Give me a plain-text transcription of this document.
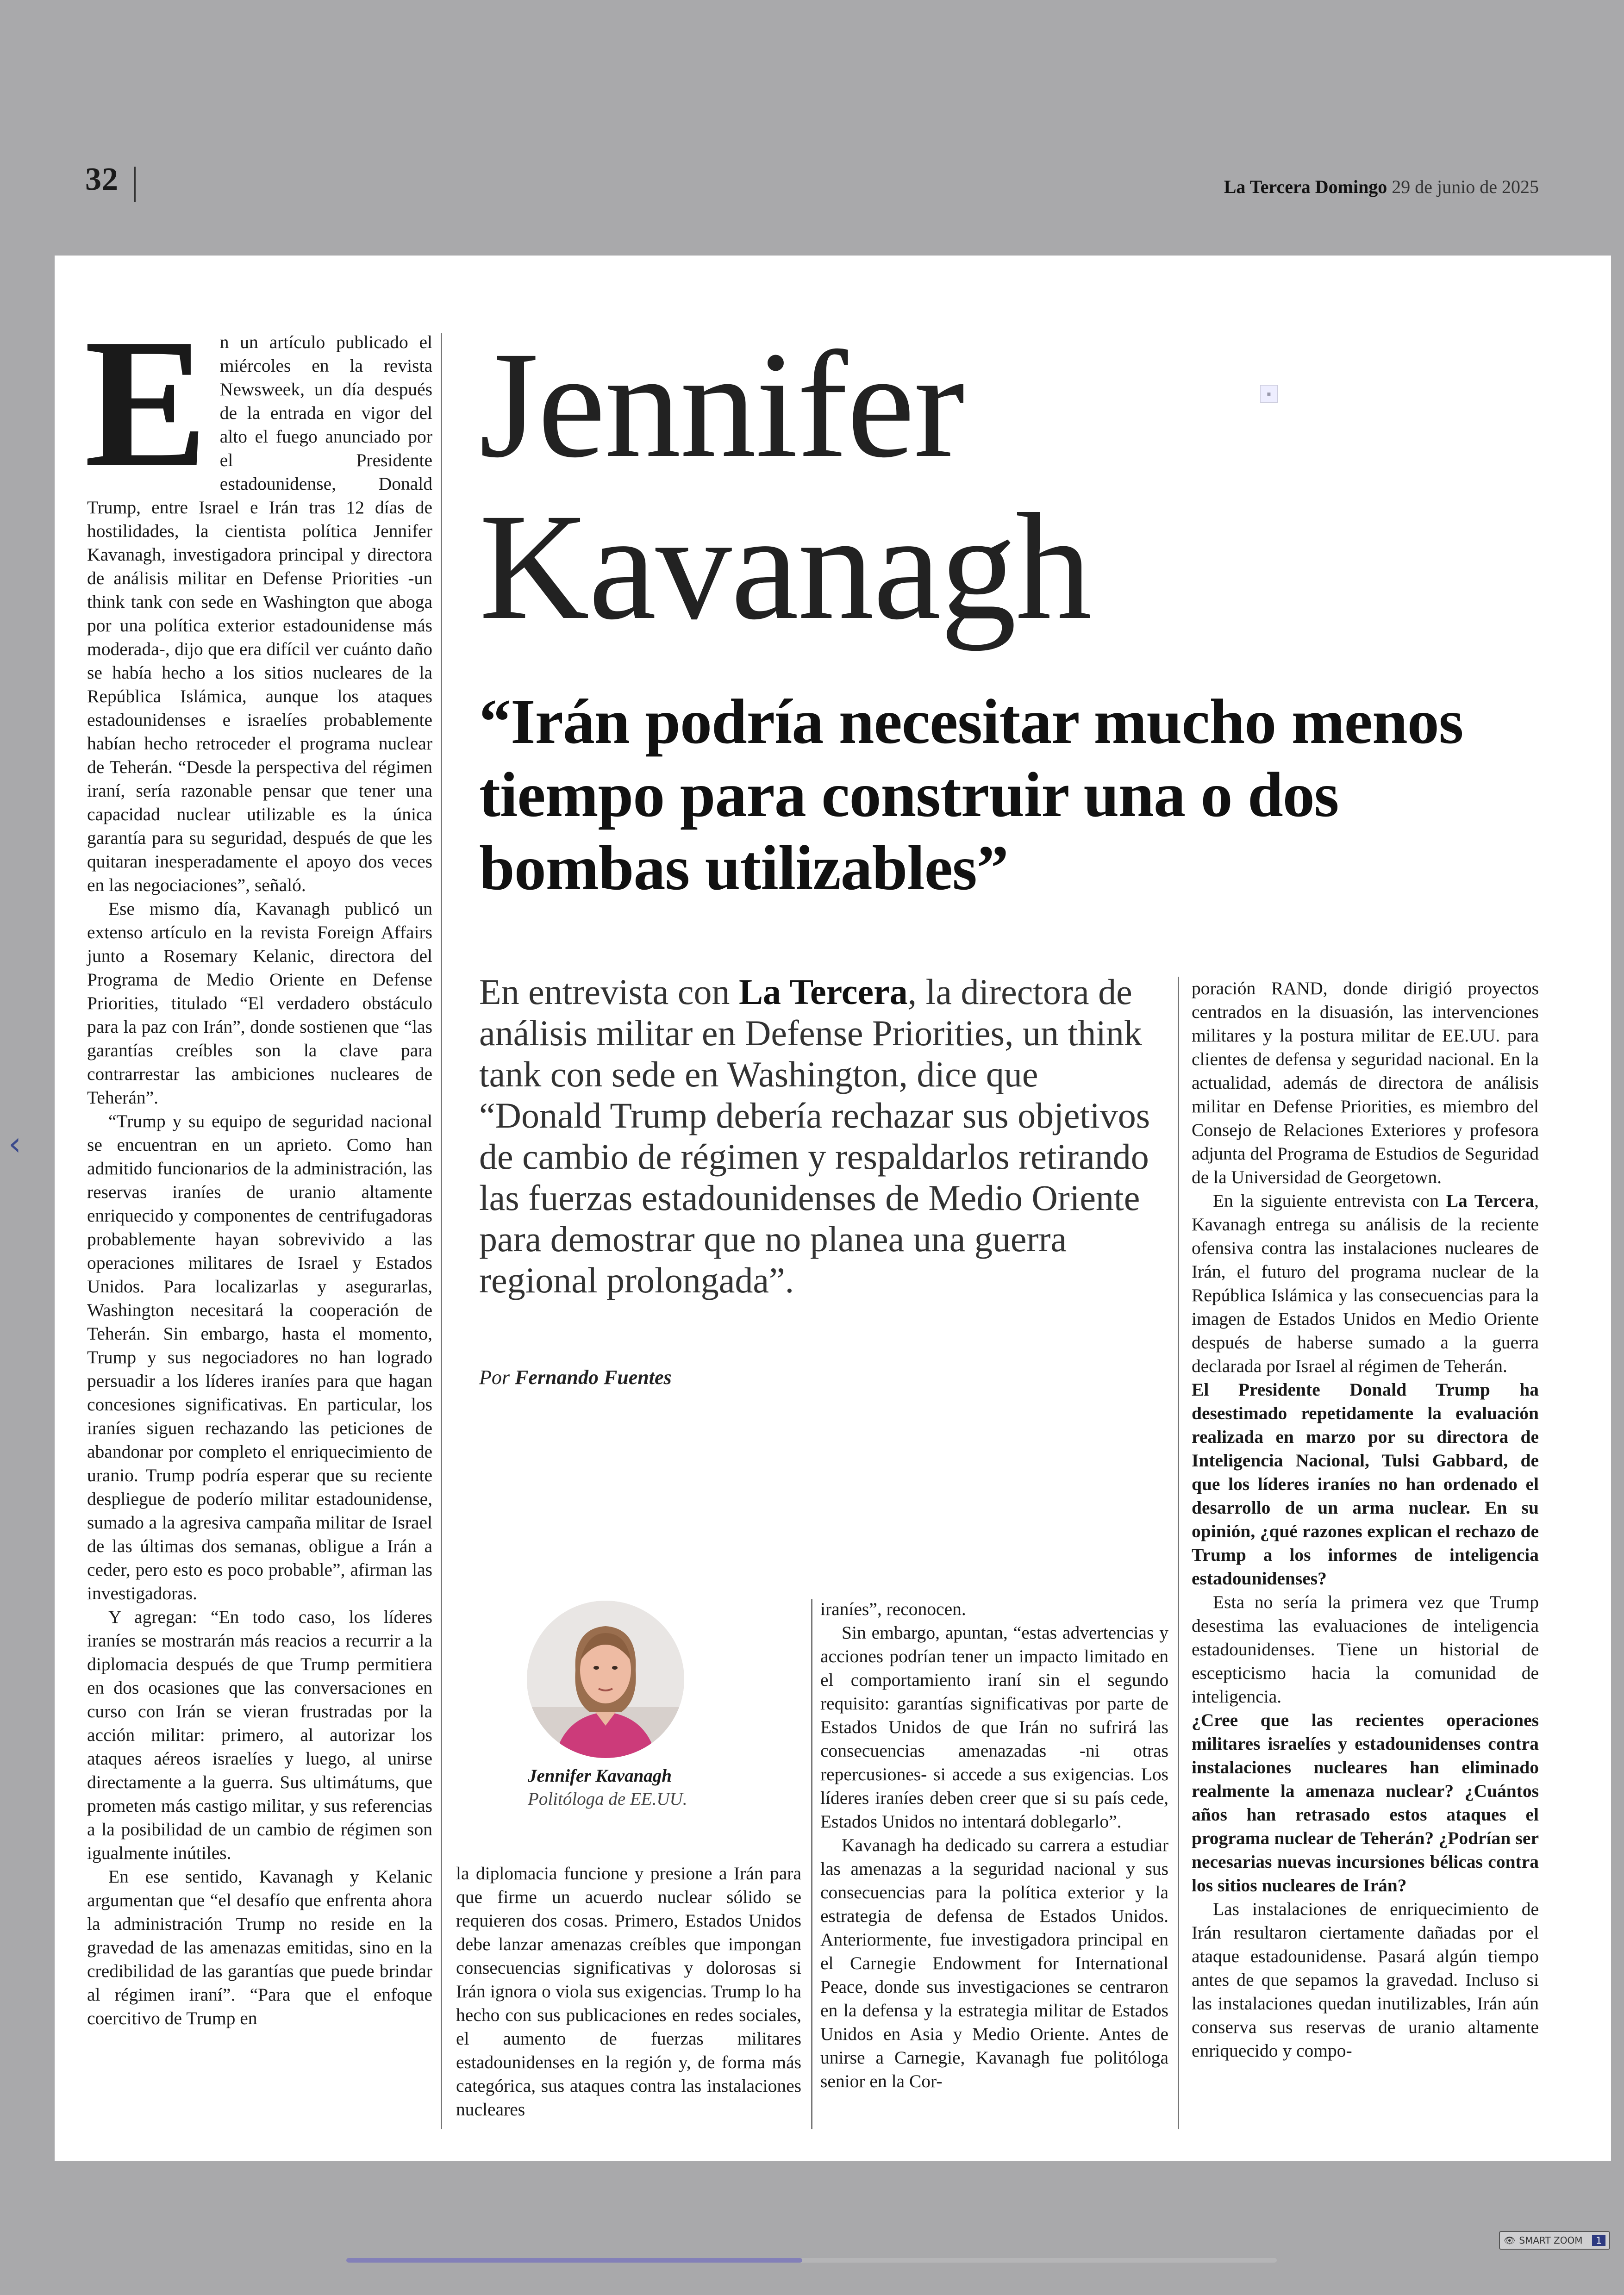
32	La Tercera Domingo 29 de junio de 2025
‹

En un artículo publicado el miércoles en la revista Newsweek, un día después de la entrada en vigor del alto el fuego anunciado por el Presidente estadounidense, Donald Trump, entre Israel e Irán tras 12 días de hostilidades, la cientista política Jennifer Kavanagh, investigadora principal y directora de análisis militar en Defense Priorities -un think tank con sede en Washington que aboga por una política exterior estadounidense más moderada-, dijo que era difícil ver cuánto daño se había hecho a los sitios nucleares de la República Islámica, aunque los ataques estadounidenses e israelíes probablemente habían hecho retroceder el programa nuclear de Teherán. “Desde la perspectiva del régimen iraní, sería razonable pensar que tener una capacidad nuclear utilizable es la única garantía para su seguridad, después de que les quitaran inesperadamente el apoyo dos veces en las negociaciones”, señaló.

Ese mismo día, Kavanagh publicó un extenso artículo en la revista Foreign Affairs junto a Rosemary Kelanic, directora del Programa de Medio Oriente en Defense Priorities, titulado “El verdadero obstáculo para la paz con Irán”, donde sostienen que “las garantías creíbles son la clave para contrarrestar las ambiciones nucleares de Teherán”.

“Trump y su equipo de seguridad nacional se encuentran en un aprieto. Como han admitido funcionarios de la administración, las reservas iraníes de uranio altamente enriquecido y componentes de centrifugadoras probablemente hayan sobrevivido a las operaciones militares de Israel y Estados Unidos. Para localizarlas y asegurarlas, Washington necesitará la cooperación de Teherán. Sin embargo, hasta el momento, Trump y sus negociadores no han logrado persuadir a los líderes iraníes para que hagan concesiones significativas. En particular, los iraníes siguen rechazando las peticiones de abandonar por completo el enriquecimiento de uranio. Trump podría esperar que su reciente despliegue de poderío militar estadounidense, sumado a la agresiva campaña militar de Israel de las últimas dos semanas, obligue a Irán a ceder, pero esto es poco probable”, afirman las investigadoras.

Y agregan: “En todo caso, los líderes iraníes se mostrarán más reacios a recurrir a la diplomacia después de que Trump permitiera en dos ocasiones que las conversaciones en curso con Irán se vieran frustradas por la acción militar: primero, al autorizar los ataques aéreos israelíes y luego, al unirse directamente a la guerra. Sus ultimátums, que prometen más castigo militar, y sus referencias a la posibilidad de un cambio de régimen son igualmente inútiles.

En ese sentido, Kavanagh y Kelanic argumentan que “el desafío que enfrenta ahora la administración Trump no reside en la gravedad de las amenazas emitidas, sino en la credibilidad de las garantías que puede brindar al régimen iraní”. “Para que el enfoque coercitivo de Trump en

Jennifer
Kavanagh
▪
“Irán podría necesitar mucho menos tiempo para construir una o dos bombas utilizables”
En entrevista con La Tercera, la directora de análisis militar en Defense Priorities, un think tank con sede en Washington, dice que “Donald Trump debería rechazar sus objetivos de cambio de régimen y respaldarlos retirando las fuerzas estadounidenses de Medio Oriente para demostrar que no planea una guerra regional prolongada”.
Por Fernando Fuentes
Jennifer Kavanagh
Politóloga de EE.UU.

la diplomacia funcione y presione a Irán para que firme un acuerdo nuclear sólido se requieren dos cosas. Primero, Estados Unidos debe lanzar amenazas creíbles que impongan consecuencias significativas y dolorosas si Irán ignora o viola sus exigencias. Trump lo ha hecho con sus publicaciones en redes sociales, el aumento de fuerzas militares estadounidenses en la región y, de forma más categórica, sus ataques contra las instalaciones nucleares

iraníes”, reconocen.

Sin embargo, apuntan, “estas advertencias y acciones podrían tener un impacto limitado en el comportamiento iraní sin el segundo requisito: garantías significativas por parte de Estados Unidos de que Irán no sufrirá las consecuencias amenazadas -ni otras repercusiones- si accede a sus exigencias. Los líderes iraníes deben creer que si su país cede, Estados Unidos no intentará doblegarlo”.

Kavanagh ha dedicado su carrera a estudiar las amenazas a la seguridad nacional y sus consecuencias para la política exterior y la estrategia de defensa de Estados Unidos. Anteriormente, fue investigadora principal en el Carnegie Endowment for International Peace, donde sus investigaciones se centraron en la defensa y la estrategia militar de Estados Unidos en Asia y Medio Oriente. Antes de unirse a Carnegie, Kavanagh fue politóloga senior en la Cor-

poración RAND, donde dirigió proyectos centrados en la disuasión, las intervenciones militares y la postura militar de EE.UU. para clientes de defensa y seguridad nacional. En la actualidad, además de directora de análisis militar en Defense Priorities, es miembro del Consejo de Relaciones Exteriores y profesora adjunta del Programa de Estudios de Seguridad de la Universidad de Georgetown.

En la siguiente entrevista con La Tercera, Kavanagh entrega su análisis de la reciente ofensiva contra las instalaciones nucleares de Irán, el futuro del programa nuclear de la República Islámica y las consecuencias para la imagen de Estados Unidos en Medio Oriente después de haberse sumado a la guerra declarada por Israel al régimen de Teherán.

El Presidente Donald Trump ha desestimado repetidamente la evaluación realizada en marzo por su directora de Inteligencia Nacional, Tulsi Gabbard, de que los líderes iraníes no han ordenado el desarrollo de un arma nuclear. En su opinión, ¿qué razones explican el rechazo de Trump a los informes de inteligencia estadounidenses?

Esta no sería la primera vez que Trump desestima las evaluaciones de inteligencia estadounidenses. Tiene un historial de escepticismo hacia la comunidad de inteligencia.

¿Cree que las recientes operaciones militares israelíes y estadounidenses contra instalaciones nucleares han eliminado realmente la amenaza nuclear? ¿Cuántos años han retrasado estos ataques el programa nuclear de Teherán? ¿Podrían ser necesarias nuevas incursiones bélicas contra los sitios nucleares de Irán?

Las instalaciones de enriquecimiento de Irán resultaron ciertamente dañadas por el ataque estadounidense. Pasará algún tiempo antes de que sepamos la gravedad. Incluso si las instalaciones quedan inutilizables, Irán aún conserva sus reservas de uranio altamente enriquecido y compo-

👁 SMART ZOOM	1
